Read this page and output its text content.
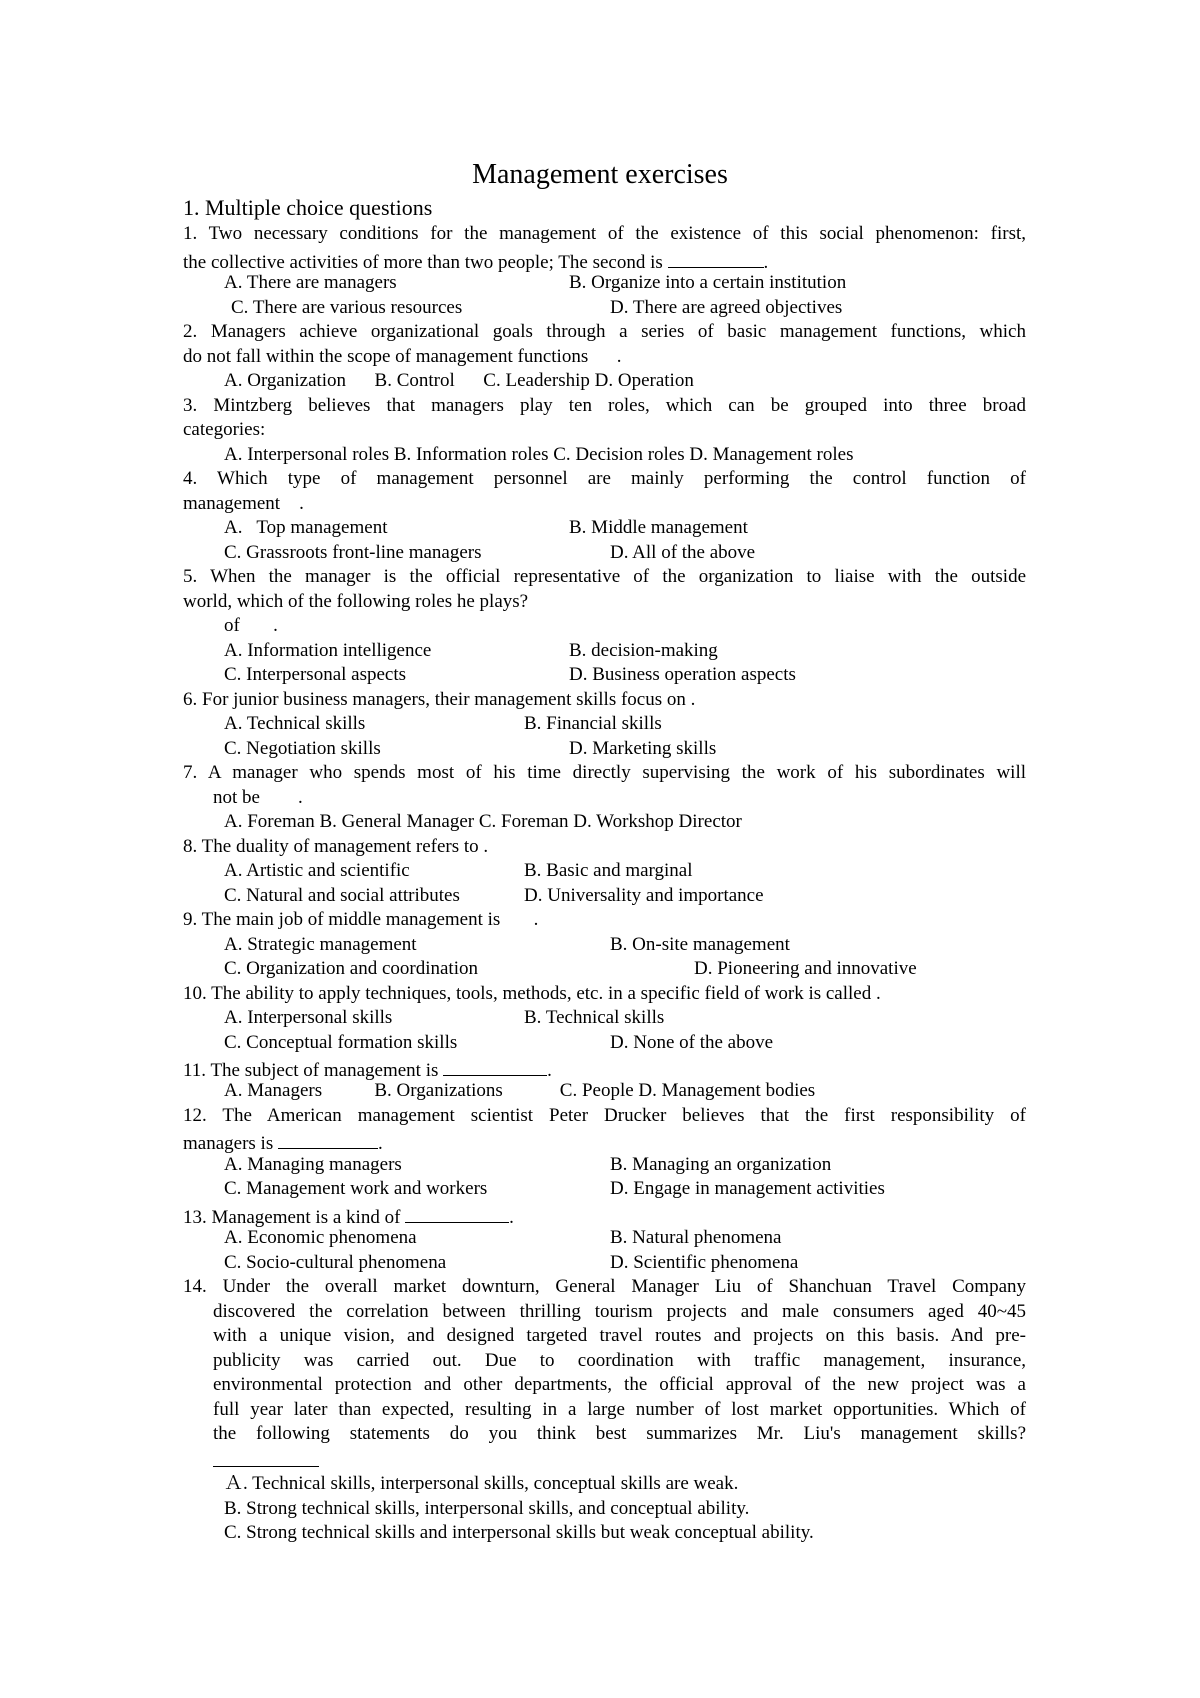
Management exercises
1. Multiple choice questions
1. Two necessary conditions for the management of the existence of this social phenomenon: first,
the collective activities of more than two people; The second is	.
A. There are managers	B. Organize into a certain institution
C. There are various resources	D. There are agreed objectives
2. Managers achieve organizational goals through a series of basic management functions, which
do not fall within the scope of management functions      .
A. Organization      B. Control      C. Leadership D. Operation
3. Mintzberg believes that managers play ten roles, which can be grouped into three broad
categories:
A. Interpersonal roles B. Information roles C. Decision roles D. Management roles
4. Which type of management personnel are mainly performing the control function of
management    .
A.   Top management	B. Middle management
C. Grassroots front-line managers	D. All of the above
5. When the manager is the official representative of the organization to liaise with the outside
world, which of the following roles he plays?
of       .
A. Information intelligence	B. decision-making
C. Interpersonal aspects	D. Business operation aspects
6. For junior business managers, their management skills focus on .
A. Technical skills	B. Financial skills
C. Negotiation skills	D. Marketing skills
7. A manager who spends most of his time directly supervising the work of his subordinates will
not be        .
A. Foreman B. General Manager C. Foreman D. Workshop Director
8. The duality of management refers to .
A. Artistic and scientific	B. Basic and marginal
C. Natural and social attributes	D. Universality and importance
9. The main job of middle management is       .
A. Strategic management	B. On-site management
C. Organization and coordination	D. Pioneering and innovative
10. The ability to apply techniques, tools, methods, etc. in a specific field of work is called .
A. Interpersonal skills	B. Technical skills
C. Conceptual formation skills	D. None of the above
11. The subject of management is	.
A. Managers           B. Organizations            C. People D. Management bodies
12. The American management scientist Peter Drucker believes that the first responsibility of
managers is	.
A. Managing managers	B. Managing an organization
C. Management work and workers	D. Engage in management activities
13. Management is a kind of	.
A. Economic phenomena	B. Natural phenomena
C. Socio-cultural phenomena	D. Scientific phenomena
14. Under the overall market downturn, General Manager Liu of Shanchuan Travel Company
discovered the correlation between thrilling tourism projects and male consumers aged 40~45
with a unique vision, and designed targeted travel routes and projects on this basis. And pre-
publicity was carried out. Due to coordination with traffic management, insurance,
environmental protection and other departments, the official approval of the new project was a
full year later than expected, resulting in a large number of lost market opportunities. Which of
the following statements do you think best summarizes Mr. Liu's management skills?
Ａ. Technical skills, interpersonal skills, conceptual skills are weak.
B. Strong technical skills, interpersonal skills, and conceptual ability.
C. Strong technical skills and interpersonal skills but weak conceptual ability.
